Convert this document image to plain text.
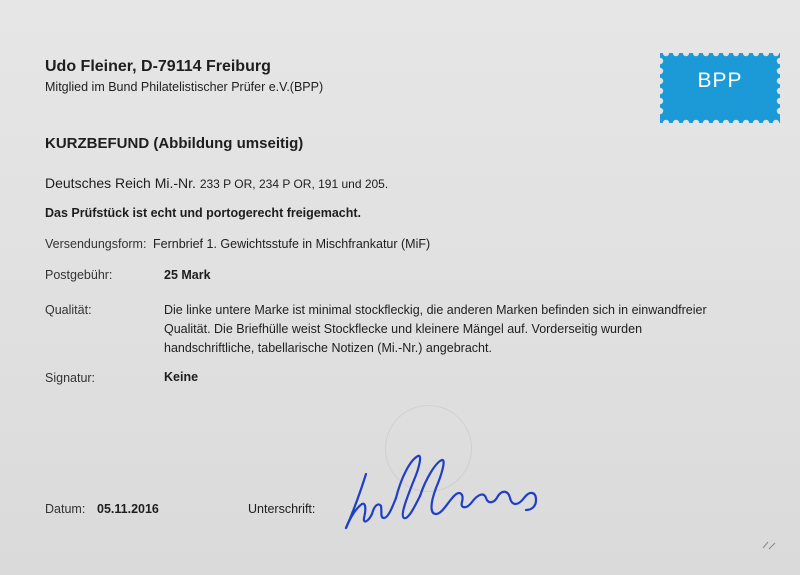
Udo Fleiner, D-79114 Freiburg
Mitglied im Bund Philatelistischer Prüfer e.V.(BPP)	BPP
KURZBEFUND (Abbildung umseitig)
Deutsches Reich Mi.-Nr. 233 P OR, 234 P OR, 191 und 205.
Das Prüfstück ist echt und portogerecht freigemacht.
Versendungsform: Fernbrief 1. Gewichtsstufe in Mischfrankatur (MiF)
Postgebühr:	25 Mark
Qualität:	Die linke untere Marke ist minimal stockfleckig, die anderen Marken befinden sich in einwandfreier Qualität. Die Briefhülle weist Stockflecke und kleinere Mängel auf. Vorderseitig wurden handschriftliche, tabellarische Notizen (Mi.-Nr.) angebracht.
Signatur:	Keine
Datum: 05.11.2016	Unterschrift:
